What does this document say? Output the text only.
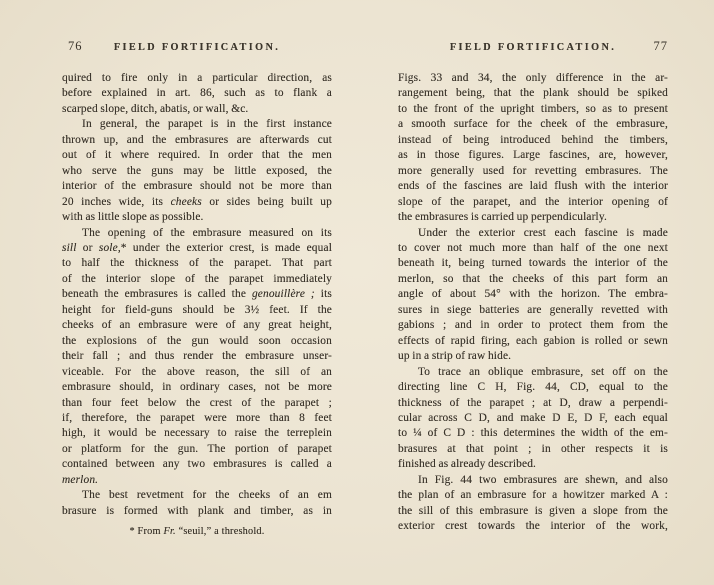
76	FIELD FORTIFICATION.
quired to fire only in a particular direction, as
before explained in art. 86, such as to flank a
scarped slope, ditch, abatis, or wall, &c.
In general, the parapet is in the first instance
thrown up, and the embrasures are afterwards cut
out of it where required. In order that the men
who serve the guns may be little exposed, the
interior of the embrasure should not be more than
20 inches wide, its cheeks or sides being built up
with as little slope as possible.
The opening of the embrasure measured on its
sill or sole,* under the exterior crest, is made equal
to half the thickness of the parapet. That part
of the interior slope of the parapet immediately
beneath the embrasures is called the genouillère ; its
height for field-guns should be 3½ feet. If the
cheeks of an embrasure were of any great height,
the explosions of the gun would soon occasion
their fall ; and thus render the embrasure unser-
viceable. For the above reason, the sill of an
embrasure should, in ordinary cases, not be more
than four feet below the crest of the parapet ;
if, therefore, the parapet were more than 8 feet
high, it would be necessary to raise the terreplein
or platform for the gun. The portion of parapet
contained between any two embrasures is called a
merlon.
The best revetment for the cheeks of an em
brasure is formed with plank and timber, as in
* From Fr. “seuil,” a threshold.
FIELD FORTIFICATION.	77
Figs. 33 and 34, the only difference in the ar-
rangement being, that the plank should be spiked
to the front of the upright timbers, so as to present
a smooth surface for the cheek of the embrasure,
instead of being introduced behind the timbers,
as in those figures. Large fascines, are, however,
more generally used for revetting embrasures. The
ends of the fascines are laid flush with the interior
slope of the parapet, and the interior opening of
the embrasures is carried up perpendicularly.
Under the exterior crest each fascine is made
to cover not much more than half of the one next
beneath it, being turned towards the interior of the
merlon, so that the cheeks of this part form an
angle of about 54° with the horizon. The embra-
sures in siege batteries are generally revetted with
gabions ; and in order to protect them from the
effects of rapid firing, each gabion is rolled or sewn
up in a strip of raw hide.
To trace an oblique embrasure, set off on the
directing line C H, Fig. 44, CD, equal to the
thickness of the parapet ; at D, draw a perpendi-
cular across C D, and make D E, D F, each equal
to ¼ of C D : this determines the width of the em-
brasures at that point ; in other respects it is
finished as already described.
In Fig. 44 two embrasures are shewn, and also
the plan of an embrasure for a howitzer marked A :
the sill of this embrasure is given a slope from the
exterior crest towards the interior of the work,
